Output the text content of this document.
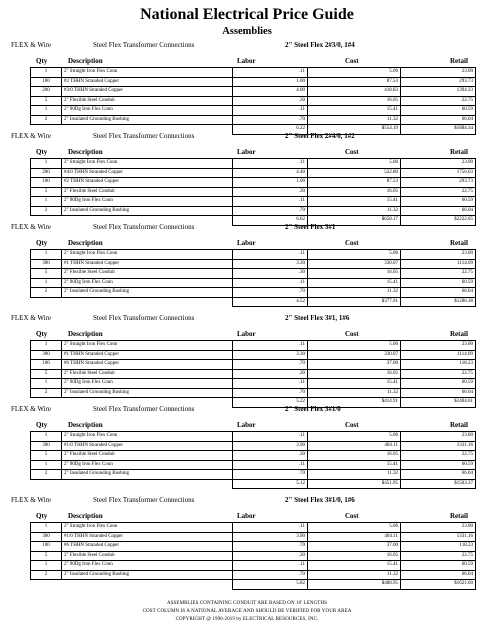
National Electrical Price Guide
Assemblies
FLEX & Wire	Steel Flex Transformer Connections	2" Steel Flex 2#3/0, 1#4
Qty	Description	Labor	Cost	Retail
1	2" Straight Iron Flex Conn	.11	5.06	23.00
100	#2 THHN Stranded Copper	1.00	87.53	293.73
200	#3/0 THHN Stranded Copper	4.00	418.83	1394.33
5	2" Flexible Steel Conduit	.30	16.05	22.75
1	2" 90Dg Iron Flex Conn	.11	15.41	60.59
2	2" Insulated Grounding Bushing	.70	11.32	66.04
		6.22	$554.19	$1884.34
FLEX & Wire	Steel Flex Transformer Connections	2" Steel Flex 2#4/0, 1#2
Qty	Description	Labor	Cost	Retail
1	2" Straight Iron Flex Conn	.11	5.06	23.00
200	#4/0 THHN Stranded Copper	4.40	522.80	1756.63
100	#2 THHN Stranded Copper	1.00	87.53	293.73
5	2" Flexible Steel Conduit	.30	16.05	22.75
1	2" 90Dg Iron Flex Conn	.11	15.41	60.59
2	2" Insulated Grounding Bushing	.70	11.32	66.04
		6.62	$658.17	$2222.65
FLEX & Wire	Steel Flex Transformer Connections	2" Steel Flex 3#1
Qty	Description	Labor	Cost	Retail
1	2" Straight Iron Flex Conn	.11	5.06	23.00
300	#1 THHN Stranded Copper	3.30	330.07	1114.09
5	2" Flexible Steel Conduit	.30	16.05	22.75
1	2" 90Dg Iron Flex Conn	.11	15.41	60.59
2	2" Insulated Grounding Bushing	.70	11.32	66.04
		4.52	$377.91	$1286.38
FLEX & Wire	Steel Flex Transformer Connections	2" Steel Flex 3#1, 1#6
Qty	Description	Labor	Cost	Retail
1	2" Straight Iron Flex Conn	.11	5.06	23.00
300	#1 THHN Stranded Copper	3.30	330.07	1114.09
100	#6 THHN Stranded Copper	.70	37.00	118.23
5	2" Flexible Steel Conduit	.30	16.05	22.75
1	2" 90Dg Iron Flex Conn	.11	15.41	60.59
2	2" Insulated Grounding Bushing	.70	11.32	66.04
		5.22	$414.91	$1404.61
FLEX & Wire	Steel Flex Transformer Connections	2" Steel Flex 3#1/0
Qty	Description	Labor	Cost	Retail
1	2" Straight Iron Flex Conn	.11	5.06	23.00
300	#1/0 THHN Stranded Copper	3.90	404.11	1331.16
5	2" Flexible Steel Conduit	.30	16.05	22.75
1	2" 90Dg Iron Flex Conn	.11	15.41	60.59
2	2" Insulated Grounding Bushing	.70	11.32	66.04
		5.12	$451.95	$1503.37
FLEX & Wire	Steel Flex Transformer Connections	2" Steel Flex 3#1/0, 1#6
Qty	Description	Labor	Cost	Retail
1	2" Straight Iron Flex Conn	.11	5.06	23.00
300	#1/0 THHN Stranded Copper	3.90	404.11	1331.16
100	#6 THHN Stranded Copper	.70	37.00	118.23
5	2" Flexible Steel Conduit	.30	16.05	22.75
1	2" 90Dg Iron Flex Conn	.11	15.41	60.59
2	2" Insulated Grounding Bushing	.70	11.32	66.04
		5.82	$488.95	$1621.60
ASSEMBLIES CONTAINING CONDUIT ARE BASED ON 10' LENGTHS
COST COLUMN IS A NATIONAL AVERAGE AND SHOULD BE VERIFIED FOR YOUR AREA
COPYRIGHT @ 1996-2019 by ELECTRICAL RESOURCES, INC.
